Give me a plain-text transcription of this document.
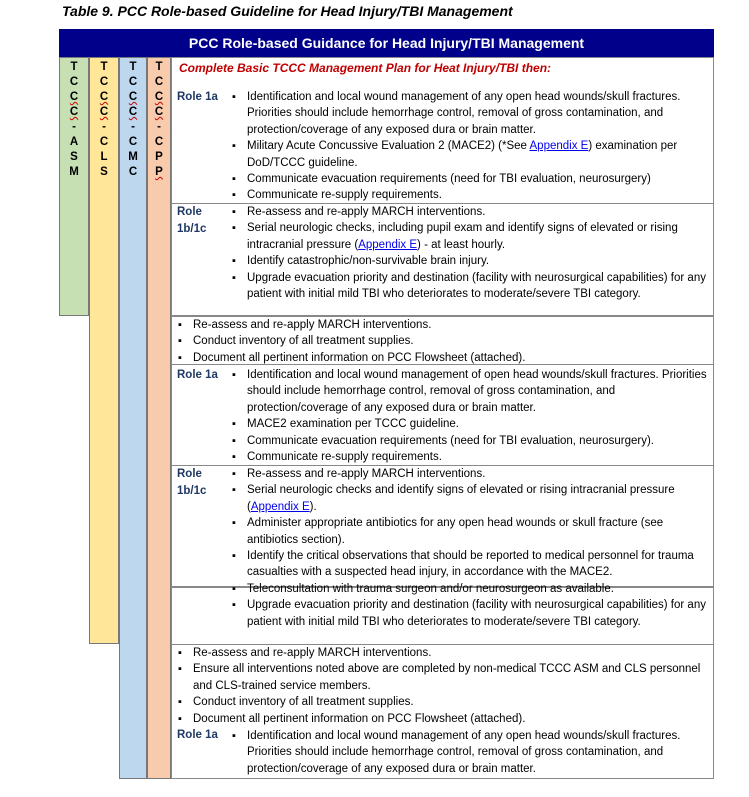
Table 9. PCC Role-based Guideline for Head Injury/TBI Management
PCC Role-based Guidance for Head Injury/TBI Management
T
C
C
C
-
A
S
M
T
C
C
C
-
C
L
S
T
C
C
C
-
C
M
C
T
C
C
C
-
C
P
P
Complete Basic TCCC Management Plan for Heat Injury/TBI then:
Role 1a	▪ Identification and local wound management of any open head wounds/skull fractures. Priorities should include hemorrhage control, removal of gross contamination, and protection/coverage of any exposed dura or brain matter.
▪ Military Acute Concussive Evaluation 2 (MACE2) (*See Appendix E) examination per DoD/TCCC guideline.
▪ Communicate evacuation requirements (need for TBI evaluation, neurosurgery)
▪ Communicate re-supply requirements.
Role
1b/1c
▪ Re-assess and re-apply MARCH interventions.
▪ Serial neurologic checks, including pupil exam and identify signs of elevated or rising intracranial pressure (Appendix E) - at least hourly.
▪ Identify catastrophic/non-survivable brain injury.
▪ Upgrade evacuation priority and destination (facility with neurosurgical capabilities) for any patient with initial mild TBI who deteriorates to moderate/severe TBI category.
▪ Re-assess and re-apply MARCH interventions.
▪ Conduct inventory of all treatment supplies.
▪ Document all pertinent information on PCC Flowsheet (attached).
Role 1a	▪ Identification and local wound management of open head wounds/skull fractures. Priorities should include hemorrhage control, removal of gross contamination, and protection/coverage of any exposed dura or brain matter.
▪ MACE2 examination per TCCC guideline.
▪ Communicate evacuation requirements (need for TBI evaluation, neurosurgery).
▪ Communicate re-supply requirements.
Role
1b/1c
▪ Re-assess and re-apply MARCH interventions.
▪ Serial neurologic checks and identify signs of elevated or rising intracranial pressure (Appendix E).
▪ Administer appropriate antibiotics for any open head wounds or skull fracture (see antibiotics section).
▪ Identify the critical observations that should be reported to medical personnel for trauma casualties with a suspected head injury, in accordance with the MACE2.
▪ Teleconsultation with trauma surgeon and/or neurosurgeon as available.
▪ Upgrade evacuation priority and destination (facility with neurosurgical capabilities) for any patient with initial mild TBI who deteriorates to moderate/severe TBI category.
▪ Re-assess and re-apply MARCH interventions.
▪ Ensure all interventions noted above are completed by non-medical TCCC ASM and CLS personnel and CLS-trained service members.
▪ Conduct inventory of all treatment supplies.
▪ Document all pertinent information on PCC Flowsheet (attached).
Role 1a	▪ Identification and local wound management of any open head wounds/skull fractures. Priorities should include hemorrhage control, removal of gross contamination, and protection/coverage of any exposed dura or brain matter.
